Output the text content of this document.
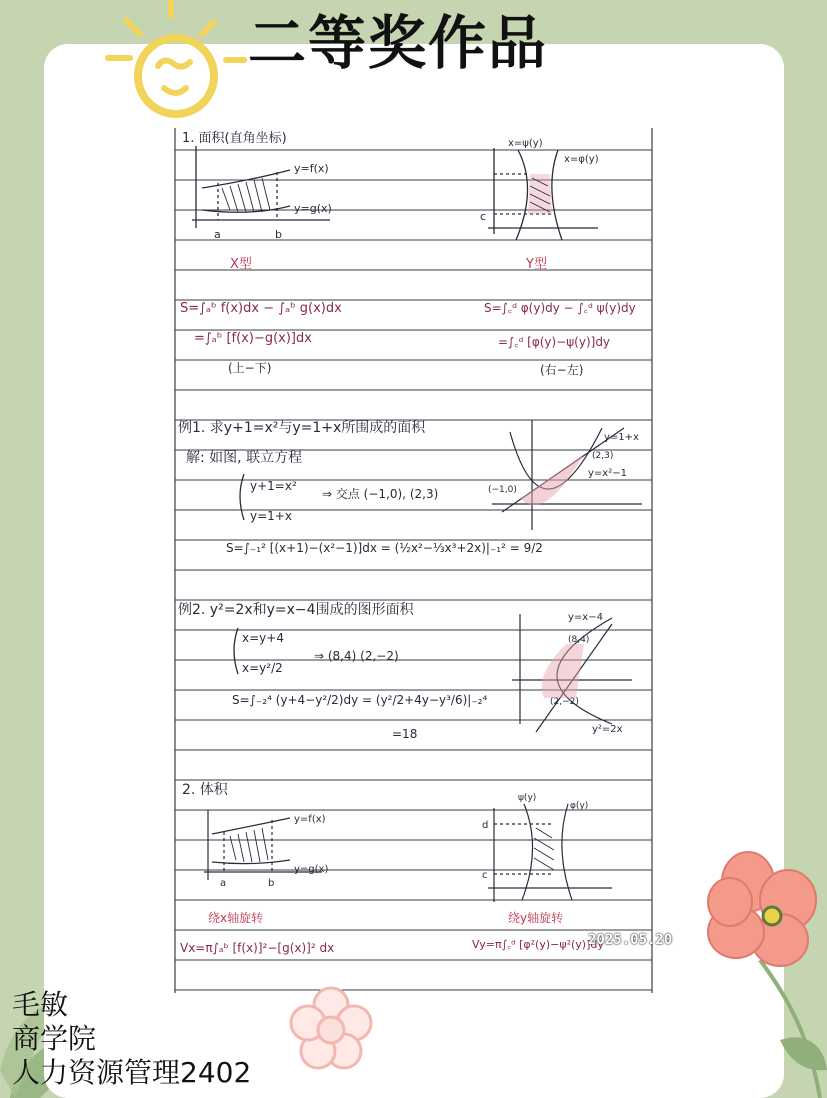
二等奖作品
1. 面积(直角坐标)
y=f(x)
y=g(x)
a	b
X型
x=ψ(y)
x=φ(y)
c
Y型
S=∫ₐᵇ f(x)dx − ∫ₐᵇ g(x)dx
=∫ₐᵇ [f(x)−g(x)]dx
(上−下)
S=∫꜀ᵈ φ(y)dy − ∫꜀ᵈ ψ(y)dy
=∫꜀ᵈ [φ(y)−ψ(y)]dy
(右−左)
例1. 求y+1=x²与y=1+x所围成的面积
解: 如图, 联立方程
y+1=x²
y=1+x
⇒ 交点 (−1,0), (2,3)
S=∫₋₁² [(x+1)−(x²−1)]dx = (½x²−⅓x³+2x)|₋₁² = 9/2
y=1+x
y=x²−1
(−1,0)
(2,3)
例2. y²=2x和y=x−4围成的图形面积
x=y+4
x=y²/2
⇒ (8,4) (2,−2)
S=∫₋₂⁴ (y+4−y²/2)dy = (y²/2+4y−y³/6)|₋₂⁴
=18
y=x−4
y²=2x
(8,4)
(2,−2)
2. 体积
y=f(x)
y=g(x)
a	b
绕x轴旋转
ψ(y)
φ(y)
d
c
绕y轴旋转
Vx=π∫ₐᵇ [f(x)]²−[g(x)]² dx	Vy=π∫꜀ᵈ [φ²(y)−ψ²(y)]dy
2025.05.20
毛敏
商学院
人力资源管理2402
